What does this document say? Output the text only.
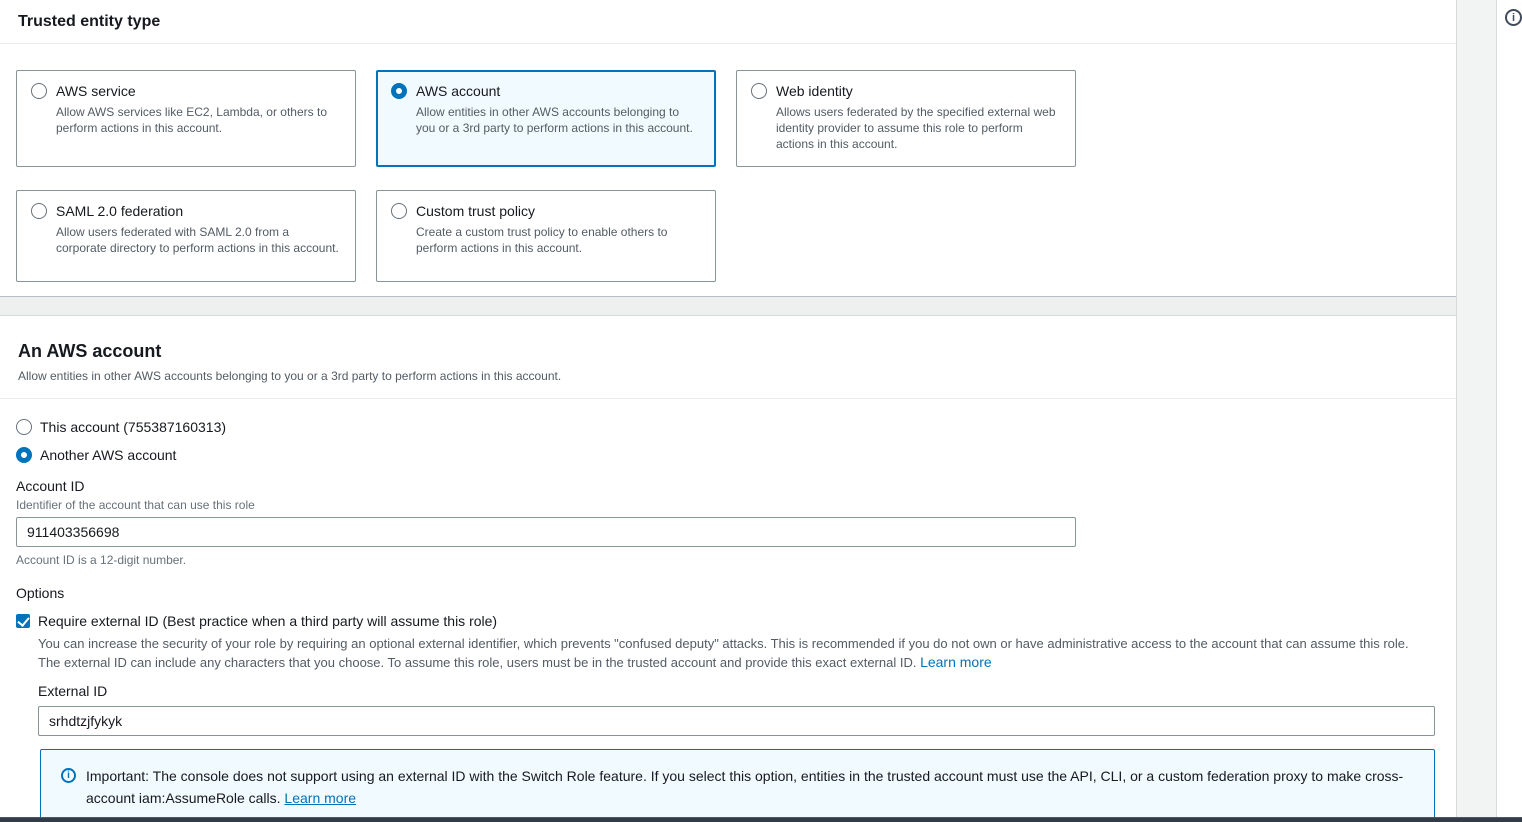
Trusted entity type
AWS service
Allow AWS services like EC2, Lambda, or others to perform actions in this account.
AWS account
Allow entities in other AWS accounts belonging to you or a 3rd party to perform actions in this account.
Web identity
Allows users federated by the specified external web identity provider to assume this role to perform actions in this account.
SAML 2.0 federation
Allow users federated with SAML 2.0 from a corporate directory to perform actions in this account.
Custom trust policy
Create a custom trust policy to enable others to perform actions in this account.
An AWS account
Allow entities in other AWS accounts belonging to you or a 3rd party to perform actions in this account.
This account (755387160313)
Another AWS account
Account ID
Identifier of the account that can use this role
911403356698
Account ID is a 12-digit number.
Options
Require external ID (Best practice when a third party will assume this role)
You can increase the security of your role by requiring an optional external identifier, which prevents "confused deputy" attacks. This is recommended if you do not own or have administrative access to the account that can assume this role. The external ID can include any characters that you choose. To assume this role, users must be in the trusted account and provide this exact external ID. Learn more
External ID
srhdtzjfykyk
i	Important: The console does not support using an external ID with the Switch Role feature. If you select this option, entities in the trusted account must use the API, CLI, or a custom federation proxy to make cross-account iam:AssumeRole calls. Learn more
i
